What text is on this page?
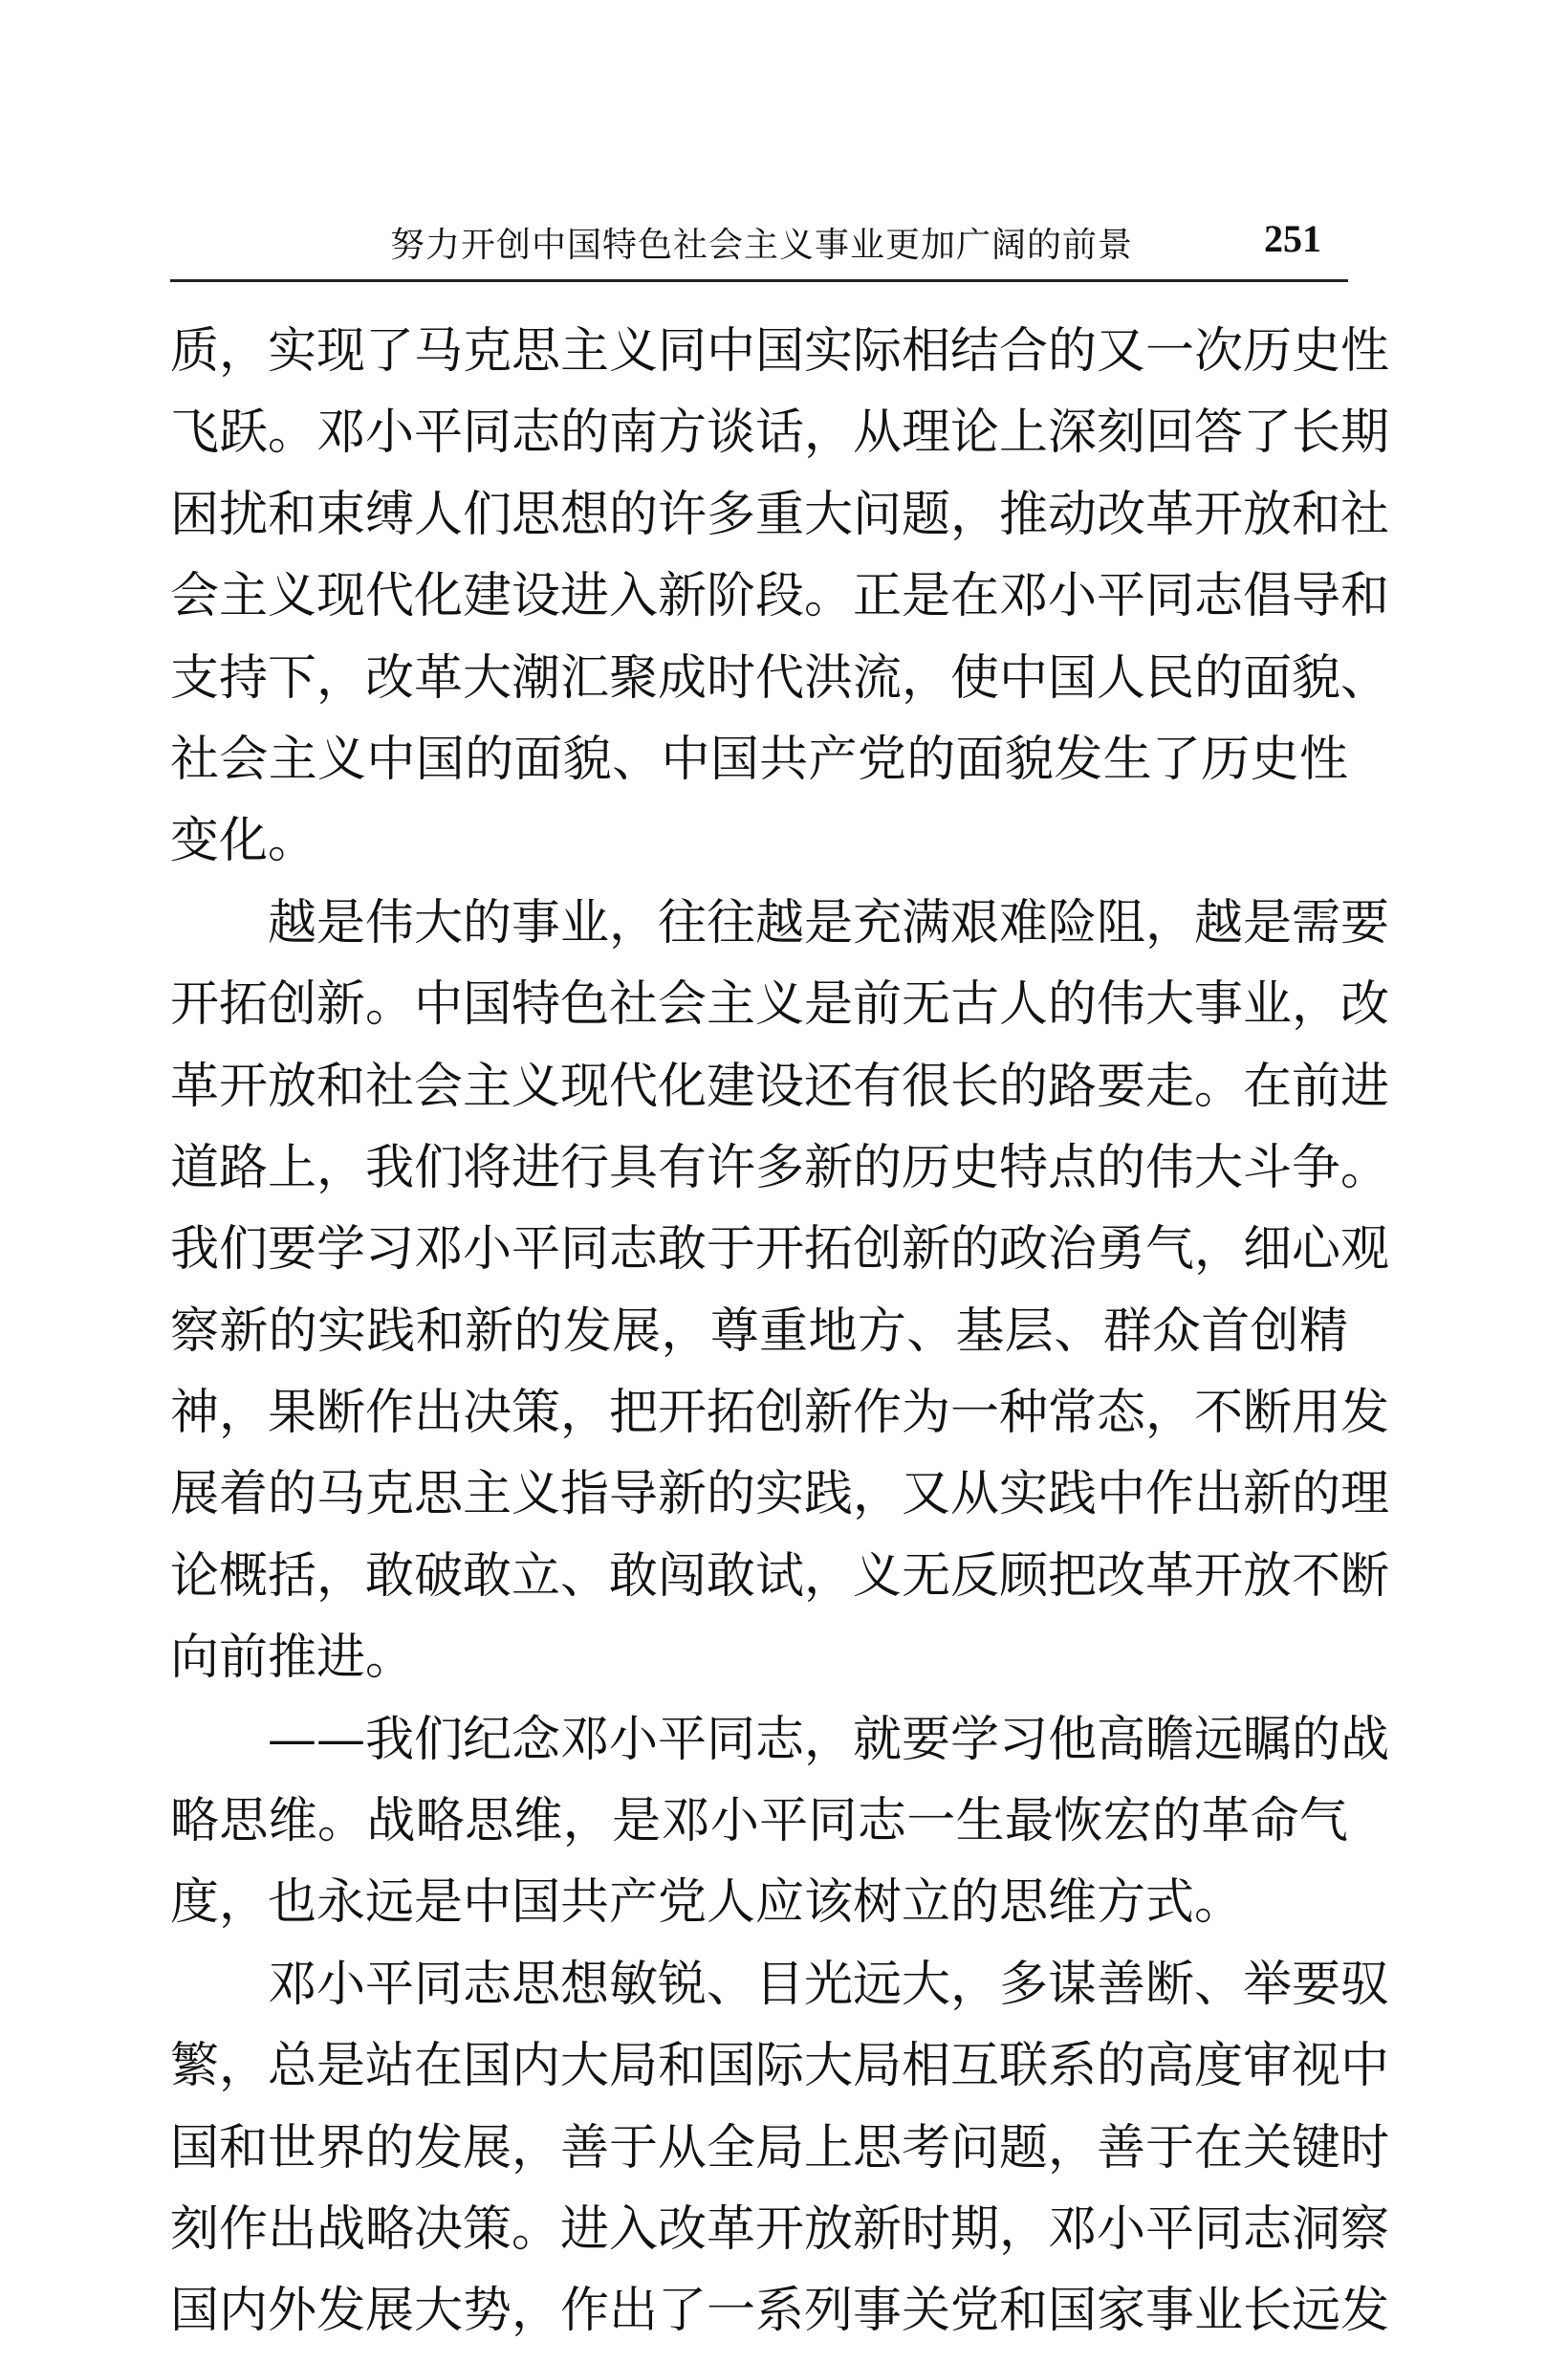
努力开创中国特色社会主义事业更加广阔的前景	251
质，实现了马克思主义同中国实际相结合的又一次历史性
飞跃。邓小平同志的南方谈话，从理论上深刻回答了长期
困扰和束缚人们思想的许多重大问题，推动改革开放和社
会主义现代化建设进入新阶段。正是在邓小平同志倡导和
支持下，改革大潮汇聚成时代洪流，使中国人民的面貌、
社会主义中国的面貌、中国共产党的面貌发生了历史性
变化。
越是伟大的事业，往往越是充满艰难险阻，越是需要
开拓创新。中国特色社会主义是前无古人的伟大事业，改
革开放和社会主义现代化建设还有很长的路要走。在前进
道路上，我们将进行具有许多新的历史特点的伟大斗争。
我们要学习邓小平同志敢于开拓创新的政治勇气，细心观
察新的实践和新的发展，尊重地方、基层、群众首创精
神，果断作出决策，把开拓创新作为一种常态，不断用发
展着的马克思主义指导新的实践，又从实践中作出新的理
论概括，敢破敢立、敢闯敢试，义无反顾把改革开放不断
向前推进。
——我们纪念邓小平同志，就要学习他高瞻远瞩的战
略思维。战略思维，是邓小平同志一生最恢宏的革命气
度，也永远是中国共产党人应该树立的思维方式。
邓小平同志思想敏锐、目光远大，多谋善断、举要驭
繁，总是站在国内大局和国际大局相互联系的高度审视中
国和世界的发展，善于从全局上思考问题，善于在关键时
刻作出战略决策。进入改革开放新时期，邓小平同志洞察
国内外发展大势，作出了一系列事关党和国家事业长远发
